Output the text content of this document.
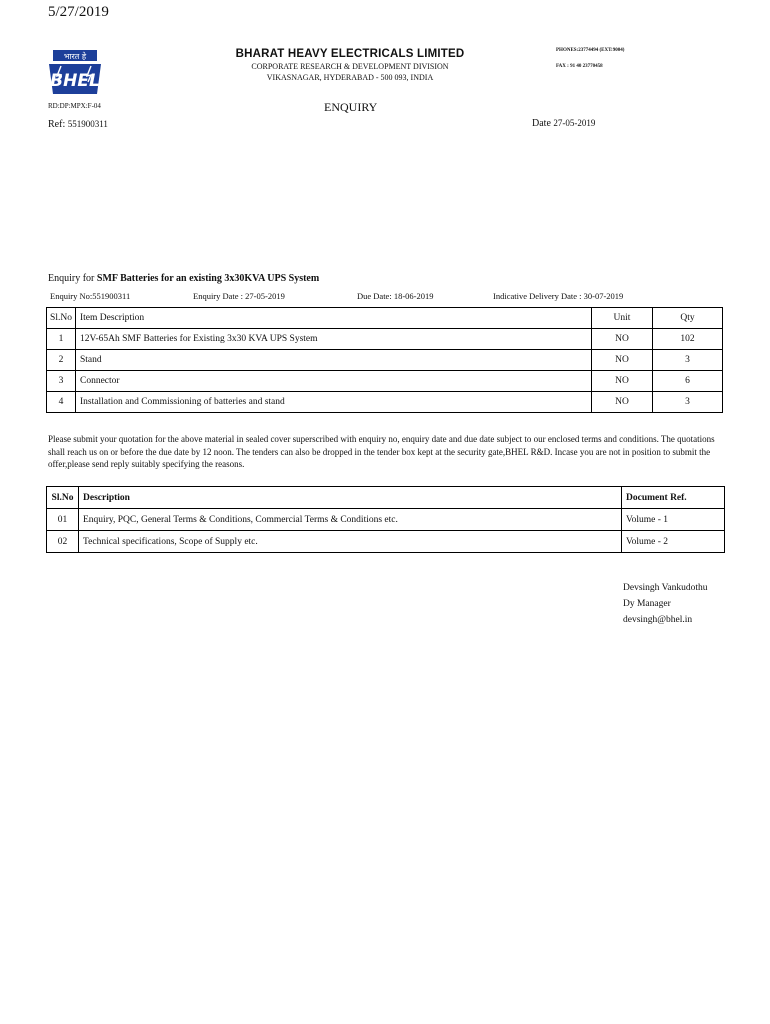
5/27/2019
भारत हे
BHEL
BHARAT HEAVY ELECTRICALS LIMITED
CORPORATE RESEARCH & DEVELOPMENT DIVISION
VIKASNAGAR, HYDERABAD - 500 093, INDIA
PHONES:23774494 (EXT:9004)
FAX : 91 40 23770458
RD:DP:MPX:F-04	ENQUIRY
Ref: 551900311	Date 27-05-2019
Enquiry for SMF Batteries for an existing 3x30KVA UPS System
Enquiry No:551900311	Enquiry Date : 27-05-2019	Due Date: 18-06-2019	Indicative Delivery Date : 30-07-2019
Sl.No	Item Description	Unit	Qty
1	12V-65Ah SMF Batteries for Existing 3x30 KVA UPS System	NO	102
2	Stand	NO	3
3	Connector	NO	6
4	Installation and Commissioning of batteries and stand	NO	3
Please submit your quotation for the above material in sealed cover superscribed with enquiry no, enquiry date and due date subject to our enclosed terms and conditions. The quotations shall reach us on or before the due date by 12 noon. The tenders can also be dropped in the tender box kept at the security gate,BHEL R&D. Incase you are not in position to submit the offer,please send reply suitably specifying the reasons.
Sl.No	Description	Document Ref.
01	Enquiry, PQC, General Terms & Conditions, Commercial Terms & Conditions etc.	Volume - 1
02	Technical specifications, Scope of Supply etc.	Volume - 2
Devsingh Vankudothu
Dy Manager
devsingh@bhel.in
